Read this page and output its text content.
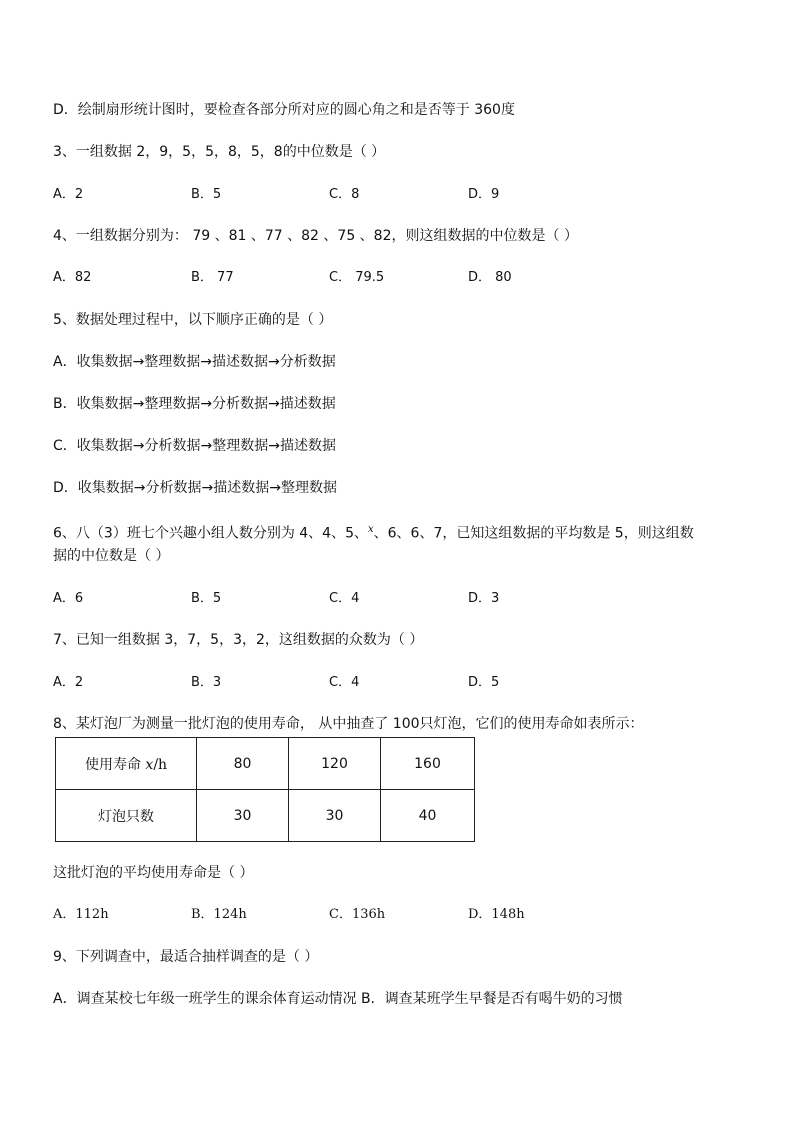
D．绘制扇形统计图时，要检查各部分所对应的圆心角之和是否等于 360度
3、一组数据 2，9，5，5，8，5，8的中位数是（ ）
A．2	B．5	C．8	D．9
4、一组数据分别为： 79 、81 、77 、82 、75 、82，则这组数据的中位数是（ ）
A．82	B． 77	C． 79.5	D． 80
5、数据处理过程中，以下顺序正确的是（ ）
A．收集数据→整理数据→描述数据→分析数据
B．收集数据→整理数据→分析数据→描述数据
C．收集数据→分析数据→整理数据→描述数据
D．收集数据→分析数据→描述数据→整理数据
6、八（3）班七个兴趣小组人数分别为 4、4、5、$^x$、6、6、7，已知这组数据的平均数是 5，则这组数
据的中位数是（ ）
A．6	B．5	C．4	D．3
7、已知一组数据 3，7，5，3，2，这组数据的众数为（ ）
A．2	B．3	C．4	D．5
8、某灯泡厂为测量一批灯泡的使用寿命， 从中抽查了 100只灯泡，它们的使用寿命如表所示：
使用寿命 x/h	80	120	160
灯泡只数	30	30	40
这批灯泡的平均使用寿命是（ ）
A．112h	B．124h	C．136h	D．148h
9、下列调查中，最适合抽样调查的是（ ）
A．调查某校七年级一班学生的课余体育运动情况 B．调查某班学生早餐是否有喝牛奶的习惯
